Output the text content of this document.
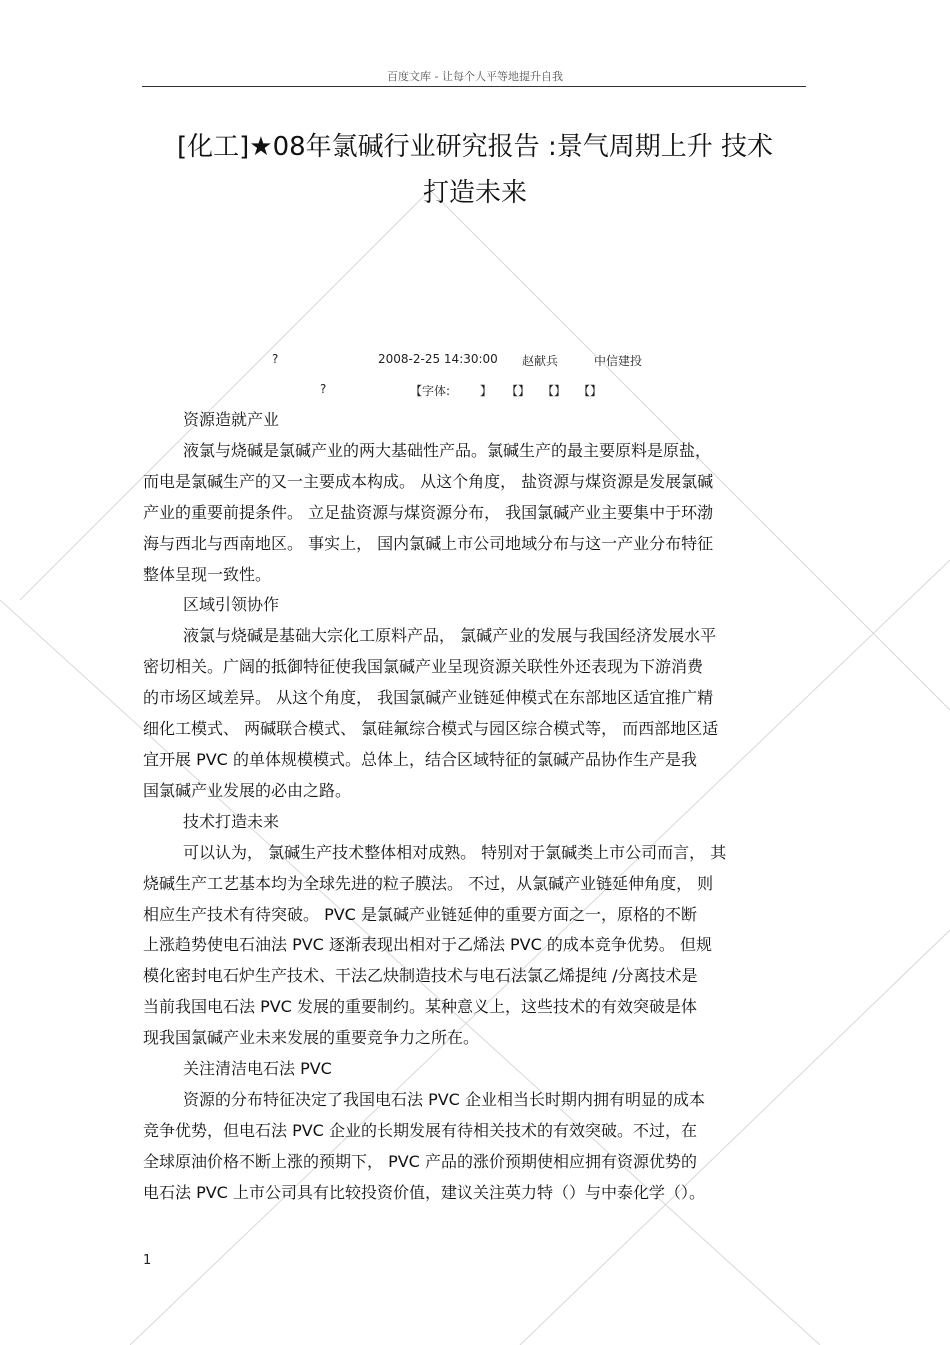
百度文库 - 让每个人平等地提升自我
[化工]★08年氯碱行业研究报告 :景气周期上升 技术
打造未来
?	2008-2-25 14:30:00 赵献兵	中信建投
?	【字体: 】 【】 【】 【】
资源造就产业
液氯与烧碱是氯碱产业的两大基础性产品。氯碱生产的最主要原料是原盐，
而电是氯碱生产的又一主要成本构成。 从这个角度， 盐资源与煤资源是发展氯碱
产业的重要前提条件。 立足盐资源与煤资源分布， 我国氯碱产业主要集中于环渤
海与西北与西南地区。 事实上， 国内氯碱上市公司地域分布与这一产业分布特征
整体呈现一致性。
区域引领协作
液氯与烧碱是基础大宗化工原料产品， 氯碱产业的发展与我国经济发展水平
密切相关。广阔的抵御特征使我国氯碱产业呈现资源关联性外还表现为下游消费
的市场区域差异。 从这个角度， 我国氯碱产业链延伸模式在东部地区适宜推广精
细化工模式、 两碱联合模式、 氯硅氟综合模式与园区综合模式等， 而西部地区适
宜开展 PVC 的单体规模模式。总体上，结合区域特征的氯碱产品协作生产是我
国氯碱产业发展的必由之路。
技术打造未来
可以认为， 氯碱生产技术整体相对成熟。 特别对于氯碱类上市公司而言， 其
烧碱生产工艺基本均为全球先进的粒子膜法。 不过，从氯碱产业链延伸角度， 则
相应生产技术有待突破。 PVC 是氯碱产业链延伸的重要方面之一，原格的不断
上涨趋势使电石油法 PVC 逐渐表现出相对于乙烯法 PVC 的成本竞争优势。 但规
模化密封电石炉生产技术、干法乙炔制造技术与电石法氯乙烯提纯 /分离技术是
当前我国电石法 PVC 发展的重要制约。某种意义上，这些技术的有效突破是体
现我国氯碱产业未来发展的重要竞争力之所在。
关注清洁电石法 PVC
资源的分布特征决定了我国电石法 PVC 企业相当长时期内拥有明显的成本
竞争优势，但电石法 PVC 企业的长期发展有待相关技术的有效突破。不过，在
全球原油价格不断上涨的预期下， PVC 产品的涨价预期使相应拥有资源优势的
电石法 PVC 上市公司具有比较投资价值，建议关注英力特（）与中泰化学（）。
1
